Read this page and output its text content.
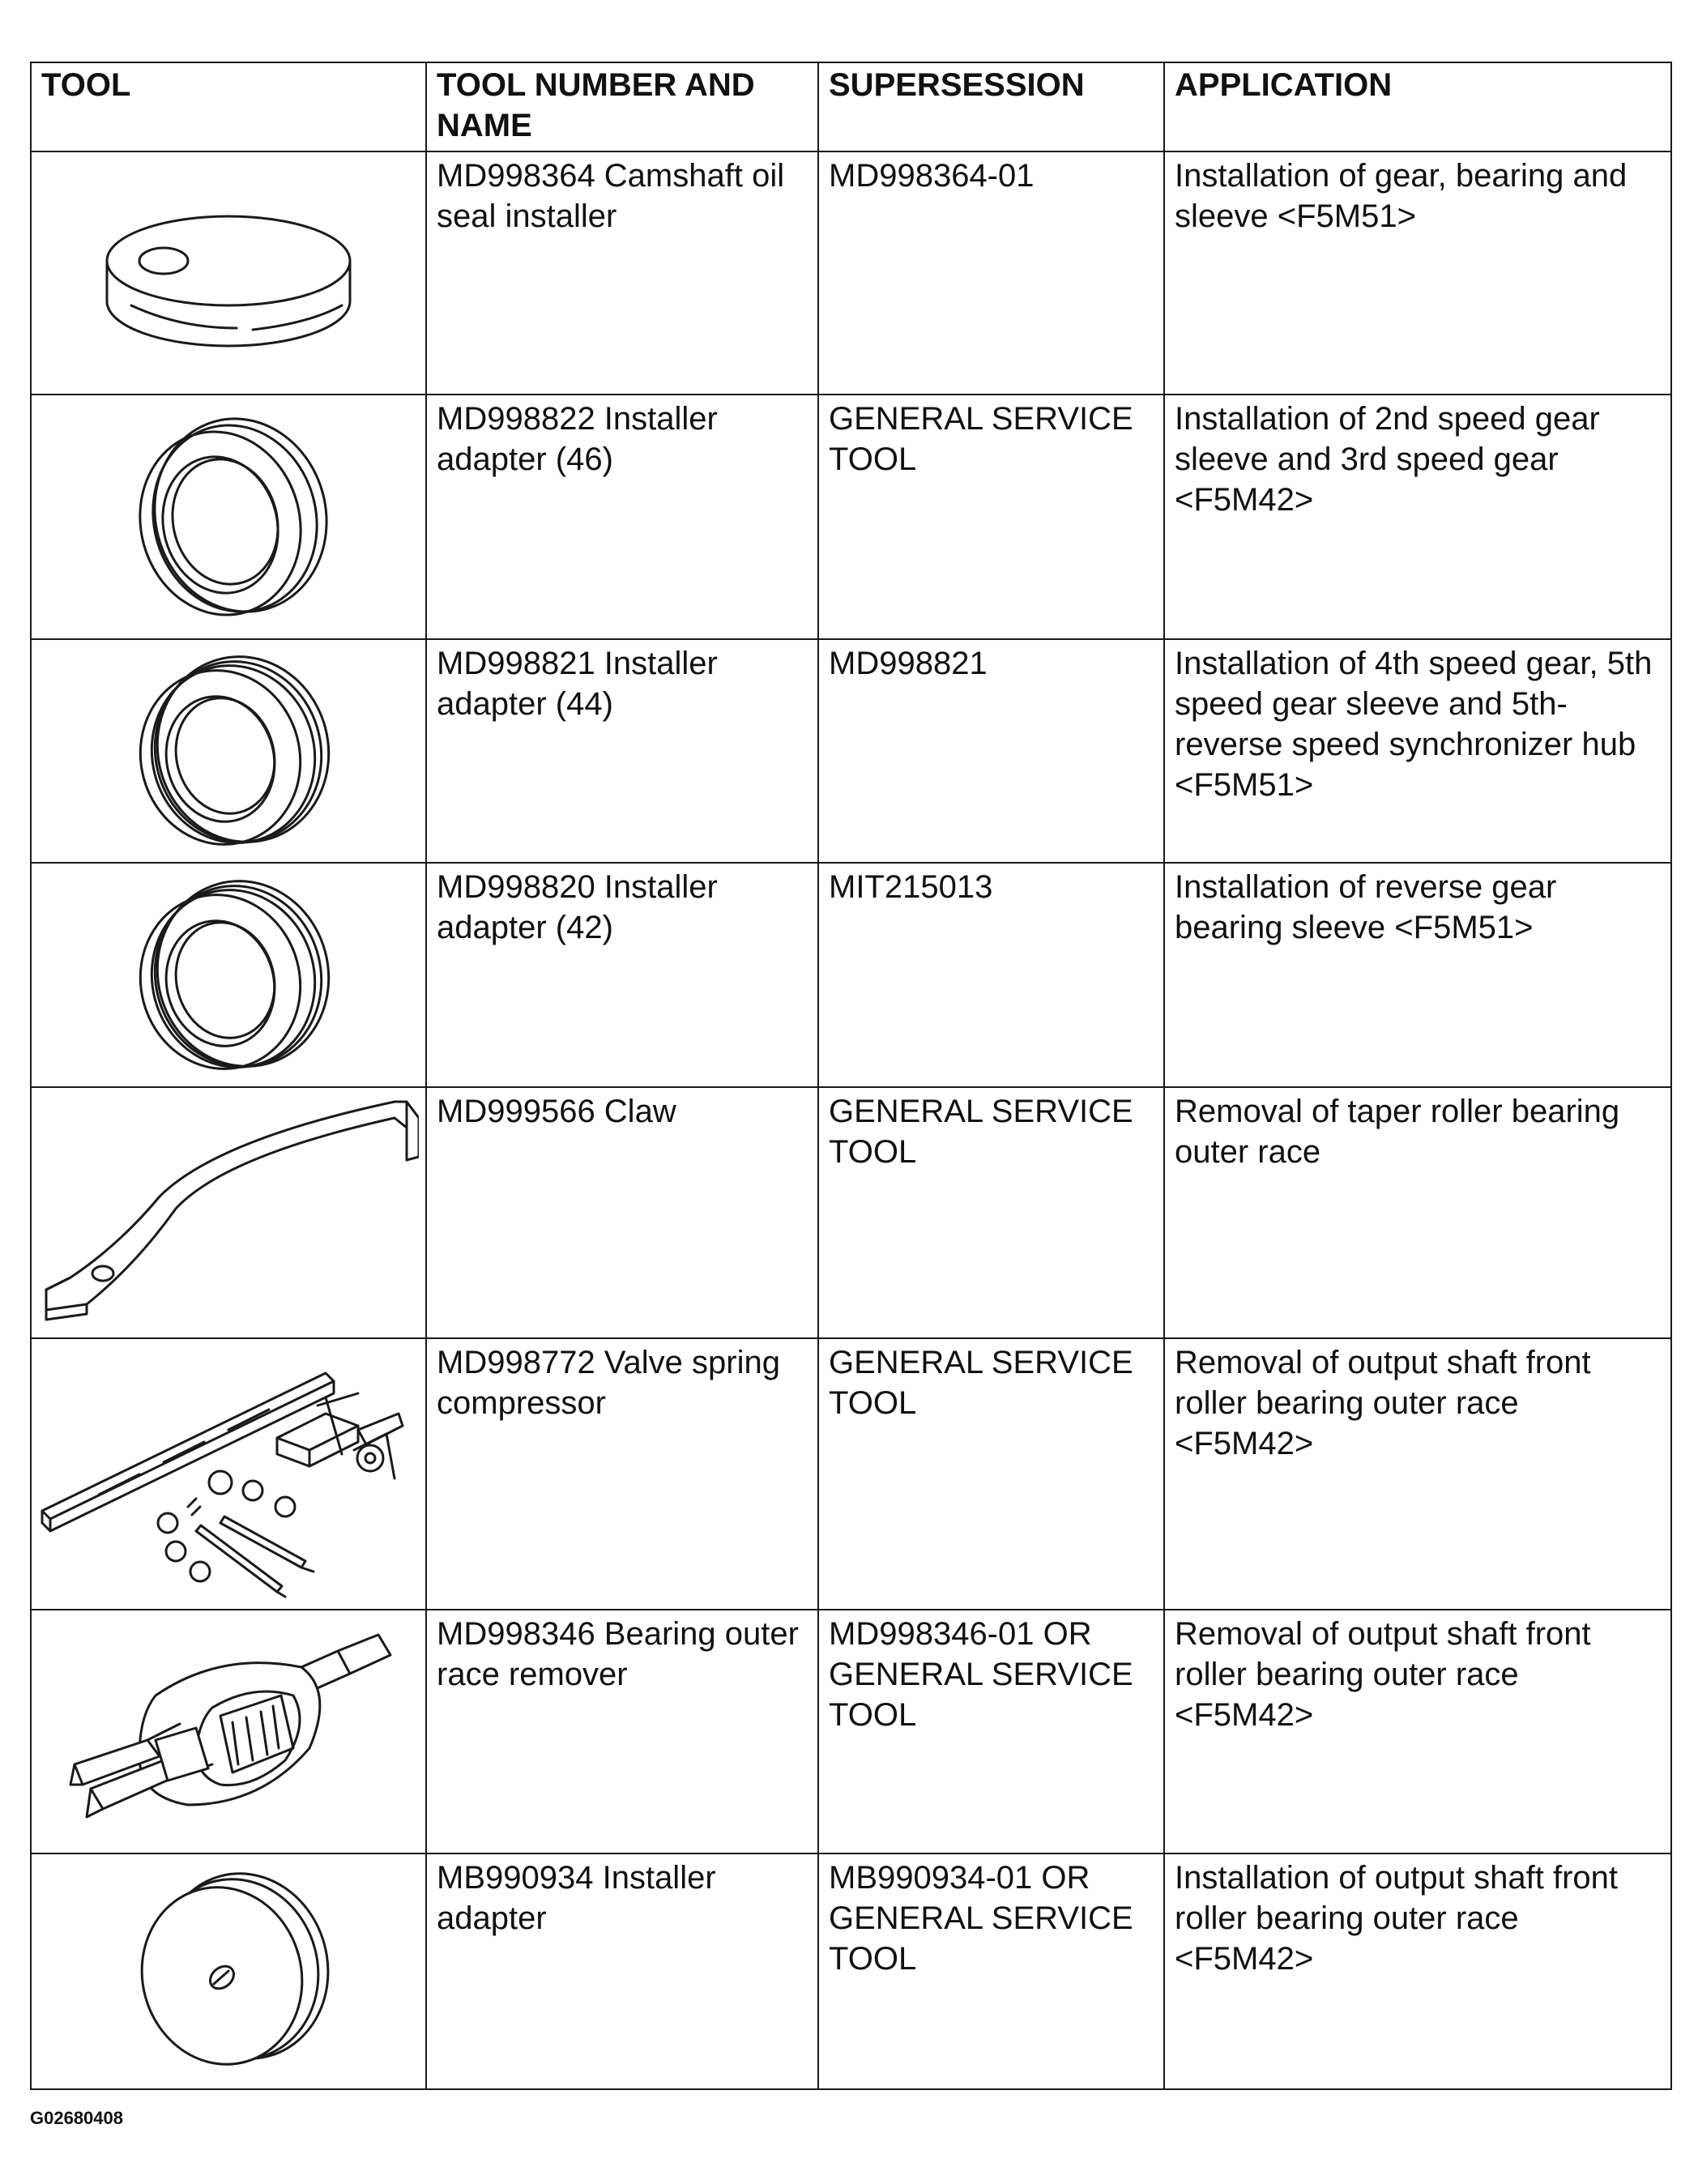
TOOL	TOOL NUMBER AND NAME	SUPERSESSION	APPLICATION

	MD998364 Camshaft oil seal installer	MD998364-01	Installation of gear, bearing and sleeve <F5M51>

	MD998822 Installer adapter (46)	GENERAL SERVICE TOOL	Installation of 2nd speed gear sleeve and 3rd speed gear <F5M42>

	MD998821 Installer adapter (44)	MD998821	Installation of 4th speed gear, 5th speed gear sleeve and 5th-reverse speed synchronizer hub <F5M51>

	MD998820 Installer adapter (42)	MIT215013	Installation of reverse gear bearing sleeve <F5M51>

	MD999566 Claw	GENERAL SERVICE TOOL	Removal of taper roller bearing outer race

	MD998772 Valve spring compressor	GENERAL SERVICE TOOL	Removal of output shaft front roller bearing outer race <F5M42>

	MD998346 Bearing outer race remover	MD998346-01 OR GENERAL SERVICE TOOL	Removal of output shaft front roller bearing outer race <F5M42>

	MB990934 Installer adapter	MB990934-01 OR GENERAL SERVICE TOOL	Installation of output shaft front roller bearing outer race <F5M42>
G02680408
